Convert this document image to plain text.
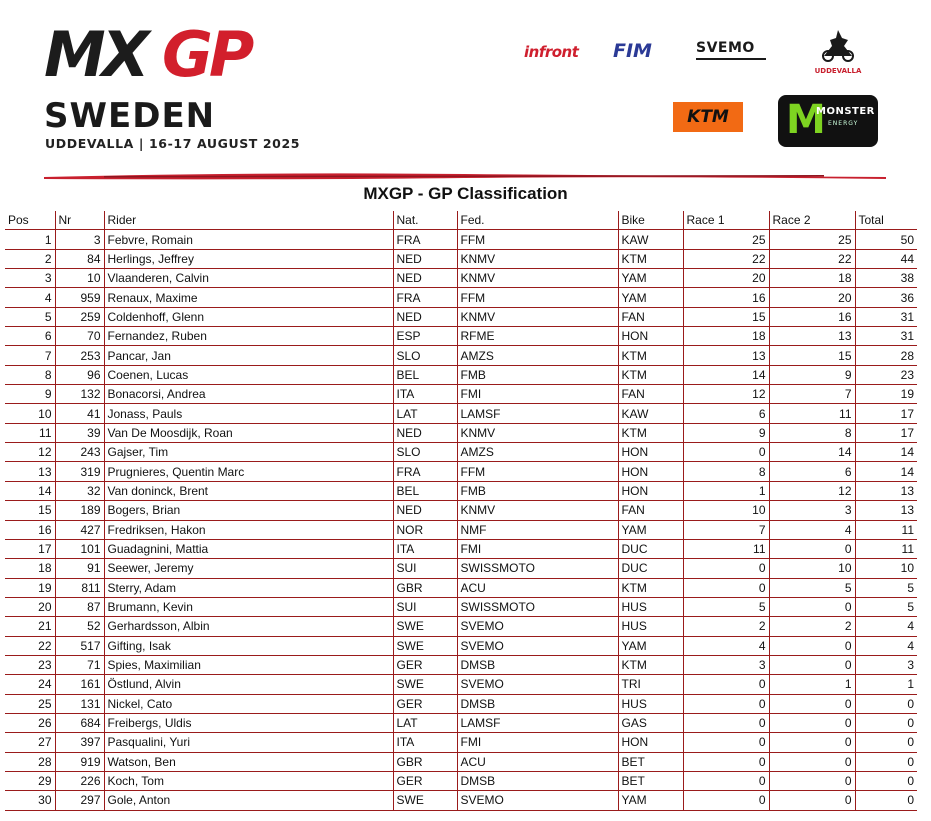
MX GP
SWEDEN
UDDEVALLA | 16-17 AUGUST 2025
infront FIM	SVEMO
UDDEVALLA
KTM	M
MONSTER
ENERGY
MXGP - GP Classification
Pos	Nr	Rider	Nat.	Fed.	Bike	Race 1	Race 2	Total
1	3	Febvre, Romain	FRA	FFM	KAW	25	25	50
2	84	Herlings, Jeffrey	NED	KNMV	KTM	22	22	44
3	10	Vlaanderen, Calvin	NED	KNMV	YAM	20	18	38
4	959	Renaux, Maxime	FRA	FFM	YAM	16	20	36
5	259	Coldenhoff, Glenn	NED	KNMV	FAN	15	16	31
6	70	Fernandez, Ruben	ESP	RFME	HON	18	13	31
7	253	Pancar, Jan	SLO	AMZS	KTM	13	15	28
8	96	Coenen, Lucas	BEL	FMB	KTM	14	9	23
9	132	Bonacorsi, Andrea	ITA	FMI	FAN	12	7	19
10	41	Jonass, Pauls	LAT	LAMSF	KAW	6	11	17
11	39	Van De Moosdijk, Roan	NED	KNMV	KTM	9	8	17
12	243	Gajser, Tim	SLO	AMZS	HON	0	14	14
13	319	Prugnieres, Quentin Marc	FRA	FFM	HON	8	6	14
14	32	Van doninck, Brent	BEL	FMB	HON	1	12	13
15	189	Bogers, Brian	NED	KNMV	FAN	10	3	13
16	427	Fredriksen, Hakon	NOR	NMF	YAM	7	4	11
17	101	Guadagnini, Mattia	ITA	FMI	DUC	11	0	11
18	91	Seewer, Jeremy	SUI	SWISSMOTO	DUC	0	10	10
19	811	Sterry, Adam	GBR	ACU	KTM	0	5	5
20	87	Brumann, Kevin	SUI	SWISSMOTO	HUS	5	0	5
21	52	Gerhardsson, Albin	SWE	SVEMO	HUS	2	2	4
22	517	Gifting, Isak	SWE	SVEMO	YAM	4	0	4
23	71	Spies, Maximilian	GER	DMSB	KTM	3	0	3
24	161	Östlund, Alvin	SWE	SVEMO	TRI	0	1	1
25	131	Nickel, Cato	GER	DMSB	HUS	0	0	0
26	684	Freibergs, Uldis	LAT	LAMSF	GAS	0	0	0
27	397	Pasqualini, Yuri	ITA	FMI	HON	0	0	0
28	919	Watson, Ben	GBR	ACU	BET	0	0	0
29	226	Koch, Tom	GER	DMSB	BET	0	0	0
30	297	Gole, Anton	SWE	SVEMO	YAM	0	0	0
